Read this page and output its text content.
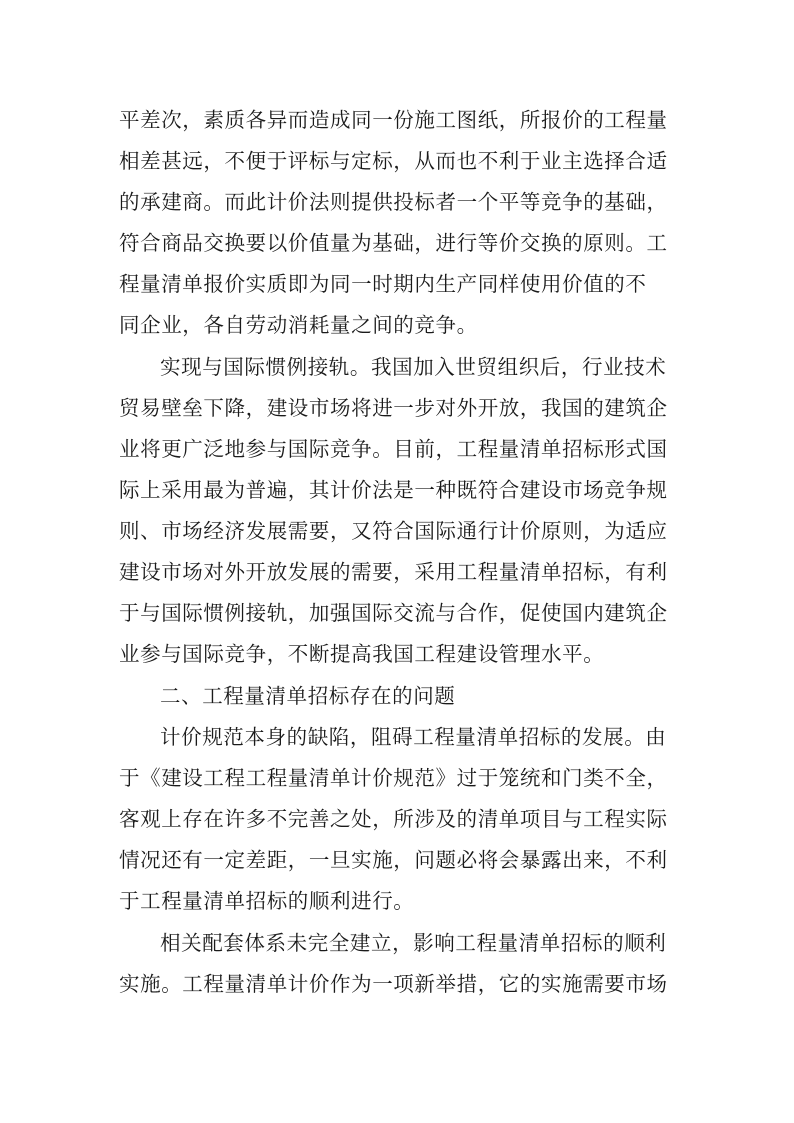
平差次，素质各异而造成同一份施工图纸，所报价的工程量
相差甚远，不便于评标与定标，从而也不利于业主选择合适
的承建商。而此计价法则提供投标者一个平等竞争的基础，
符合商品交换要以价值量为基础，进行等价交换的原则。工
程量清单报价实质即为同一时期内生产同样使用价值的不
同企业，各自劳动消耗量之间的竞争。
实现与国际惯例接轨。我国加入世贸组织后，行业技术
贸易壁垒下降，建设市场将进一步对外开放，我国的建筑企
业将更广泛地参与国际竞争。目前，工程量清单招标形式国
际上采用最为普遍，其计价法是一种既符合建设市场竞争规
则、市场经济发展需要，又符合国际通行计价原则，为适应
建设市场对外开放发展的需要，采用工程量清单招标，有利
于与国际惯例接轨，加强国际交流与合作，促使国内建筑企
业参与国际竞争，不断提高我国工程建设管理水平。
二、工程量清单招标存在的问题
计价规范本身的缺陷，阻碍工程量清单招标的发展。由
于《建设工程工程量清单计价规范》过于笼统和门类不全，
客观上存在许多不完善之处，所涉及的清单项目与工程实际
情况还有一定差距，一旦实施，问题必将会暴露出来，不利
于工程量清单招标的顺利进行。
相关配套体系未完全建立，影响工程量清单招标的顺利
实施。工程量清单计价作为一项新举措，它的实施需要市场
